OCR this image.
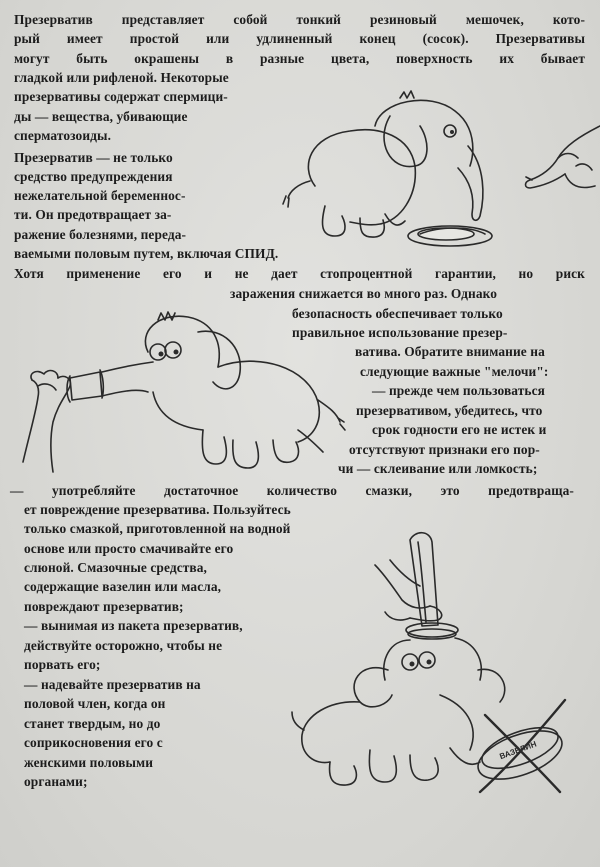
ВАЗЕЛИН

Презерватив представляет собой тонкий резиновый мешочек, кото-

рый имеет простой или удлиненный конец (сосок). Презервативы

могут быть окрашены в разные цвета, поверхность их бывает

гладкой или рифленой. Некоторые

презервативы содержат спермици-

ды — вещества, убивающие

сперматозоиды.

Презерватив — не только

средство предупреждения

нежелательной беременнос-

ти. Он предотвращает за-

ражение болезнями, переда-

ваемыми половым путем, включая СПИД.

Хотя применение его и не дает стопроцентной гарантии, но риск

заражения снижается во много раз. Однако

безопасность обеспечивает только

правильное использование презер-

ватива. Обратите внимание на

следующие важные "мелочи":

— прежде чем пользоваться

презервативом, убедитесь, что

срок годности его не истек и

отсутствуют признаки его пор-

чи — склеивание или ломкость;

— употребляйте достаточное количество смазки, это предотвраща-

ет повреждение презерватива. Пользуйтесь

только смазкой, приготовленной на водной

основе или просто смачивайте его

слюной. Смазочные средства,

содержащие вазелин или масла,

повреждают презерватив;

— вынимая из пакета презерватив,

действуйте осторожно, чтобы не

порвать его;

— надевайте презерватив на

половой член, когда он

станет твердым, но до

соприкосновения его с

женскими половыми

органами;
